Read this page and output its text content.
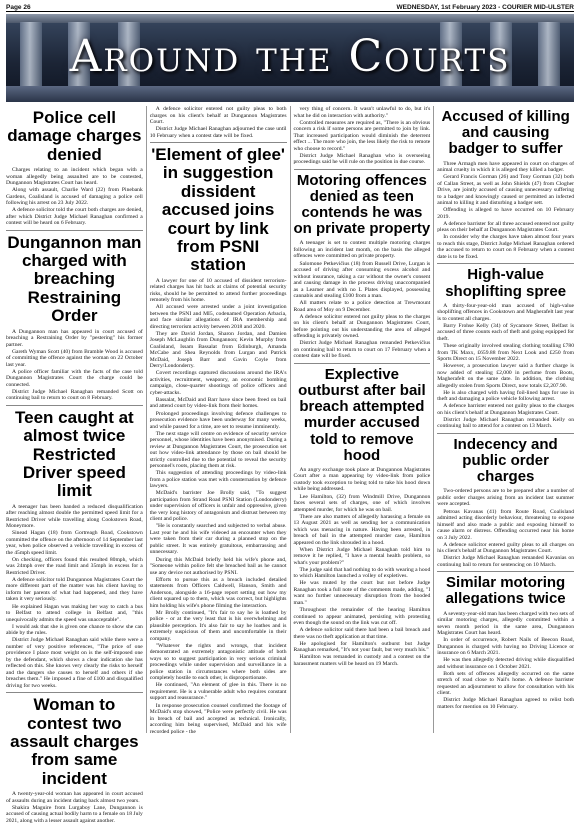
Page 26	WEDNESDAY, 1st February 2023 - COURIER MID-ULSTER
Around the Courts
Police cell damage charges denied

Charges relating to an incident which began with a woman allegedly being assaulted are to be contested, Dungannon Magistrates Court has heard.

Along with assault, Charlie Ward (22) from Pinebank Gardens, Coalisland is accused of damaging a police cell following his arrest on 23 July 2022.

A defence solicitor told the court both charges are denied, after which District Judge Michael Ranaghan confirmed a contest will be heard on 6 February.

Dungannon man charged with breaching Restraining Order

A Dungannon man has appeared in court accused of breaching a Restraining Order by "pestering" his former partner.

Gareth Wyman Scott (40) from Bramble Wood is accused of committing the offence against the woman on 22 October last year.

A police officer familiar with the facts of the case told Dungannon Magistrates Court the charge could be connected.

District Judge Michael Ranaghan remanded Scott on continuing bail to return to court on 8 February.

Teen caught at almost twice Restricted Driver speed limit

A teenager has been handed a reduced disqualification after reaching almost double the permitted speed limit for a Restricted Driver while travelling along Cookstown Road, Moneymore.

Sinead Hagan (18) from Gortreagh Road, Cookstown committed the offence on the afternoon of 14 September last year, when police observed a vehicle travelling in excess of the 45mph speed limit.

On checking, officers found this resulted 80mph, which was 24mph over the road limit and 35mph in excess for a Restricted Driver.

A defence solicitor told Dungannon Magistrates Court the more different part of the matter was his client having to inform her parents of what had happened, and they have taken it very seriously.

He explained Hagan was making her way to catch a bus to Belfast to attend college in Belfast and, "this unequivocally admits the speed was unacceptable".

I would ask that she is given one chance to show she can abide by the rules.

District Judge Michael Ranaghan said while there were a number of very positive references, "The price of one providence I place most weight on is the self-imposed one by the defendant, which shows a clear indication she has reflected on this. She knows very clearly the risks to herself and the dangers she causes to herself and others if she breaches them." He imposed a fine of £100 and disqualified driving for two weeks.

Woman to contest two assault charges from same incident

A twenty-year-old woman has appeared in court accused of assaults during an incident dating back almost two years.

Shakira Maguire from Lurgaboy Lane, Dungannon is accused of causing actual bodily harm to a female on 18 July 2021, along with a lesser assault against another.

A defence solicitor entered not guilty pleas to both charges on his client's behalf at Dungannon Magistrates Court.

District Judge Michael Ranaghan adjourned the case until 10 February when a contest date will be fixed.

'Element of glee' in suggestion dissident accused joins court by link from PSNI station

A lawyer for one of 10 accused of dissident terrorism-related charges has hit back at claims of potential security risks, should he be permitted to attend further proceedings remotely from his home.

All accused were arrested under a joint investigation between the PSNI and MI5, codenamed Operation Arbacia, and face similar allegations of IRA membership and directing terrorism activity between 2018 and 2020.

They are David Jordan, Sharon Jordan, and Damien Joseph McLaughlin from Dungannon; Kevin Murphy from Coalisland, Issam Bassalat from Edinburgh, Amanda McCabe and Shea Reynolds from Lurgan and Patrick McDaid, Joseph Barr and Gavin Coyle from Derry/Londonderry.

Covert recordings captured discussions around the IRA's activities, recruitment, weaponry, an economic bombing campaign, close-quarter shootings of police officers and cyber-attacks.

Bassalat, McDaid and Barr have since been freed on bail and attend court by video-link from their homes.

Prolonged proceedings involving defence challenges to prosecution evidence have been underway for many weeks, and while passed for a time, are set to resume imminently.

The next stage will centre on evidence of security service personnel, whose identities have been anonymised. During a review at Dungannon Magistrates Court, the prosecution set out how video-link attendance by those on bail should be strictly controlled due to the potential to reveal the security personnel's roots, placing them at risk.

This suggestion of attending proceedings by video-link from a police station was met with consternation by defence lawyers.

McDaid's barrister Joe Brolly said, "To suggest participation from Strand Road PSNI Station (Londonderry) under supervision of officers is unfair and oppressive, given the very long history of antagonism and distrust between my client and police.

"He is constantly searched and subjected to verbal abuse. Last year he and his wife videoed an encounter when they were taken from their car during a planned stop on the public street. It was entirely gratuitous, embarrassing and unnecessary.

During this McDaid briefly held his wife's phone and, "Someone within police felt she breached bail as he cannot use any device not authorised by PSNI.

Efforts to pursue this as a breach included detailed statements from Officers Caldwell, Hanson, Smith and Anderson, alongside a 16-page report setting out how my client squared up to them, which was correct, but highlights him holding his wife's phone filming the interaction.

Mr Brolly continued, "It's fair to say he is loathed by police - or at the very least that is his overwhelming and plausible perception. It's also fair to say he loathes and is extremely suspicious of them and uncomfortable in their company.

"Whatever the rights and wrongs, that incident demonstrated an extremely antagonistic attitude of both ways so to suggest participation in very serious criminal proceedings while under supervision and surveillance in a police station in circumstances where both sides are completely hostile to each other, is disproportionate.

He continued, "An element of glee in this. There is no requirement. He is a vulnerable adult who requires constant support and reassurance."

In response prosecution counsel confirmed the footage of McDaid's stop showed, "Police were perfectly civil. He was in breach of bail and accepted as technical. Ironically, according him being supervised, McDaid and his wife recorded police - the

very thing of concern. It wasn't unlawful to do, but it's what he did on interaction with authority."

Controlled measures are required as, "There is an obvious concern a risk if some persons are permitted to join by link. That increased participation would diminish the deterrent effect ... The more who join, the less likely the risk to remote who choose to record."

District Judge Michael Ranaghan who is overseeing proceedings said he will rule on the position in due course.

Motoring offences denied as teen contends he was on private property

A teenager is set to contest multiple motoring charges following an incident last month, on the basis the alleged offences were committed on private property.

Salomone Petkevičius (18) from Russell Drive, Lurgan is accused of driving after consuming excess alcohol and without insurance, taking a car without the owner's consent and causing damage in the process driving unaccompanied as a Learner and with no L Plates displayed, possessing cannabis and stealing £100 from a man.

All matters relate to a police detection at Trewmount Road area of Moy on 9 December.

A defence solicitor entered not guilty pleas to the charges on his client's behalf at Dungannon Magistrates Court, before pointing out his understanding the area of alleged offending is privately owned.

District Judge Michael Ranaghan remanded Petkevičius on continuing bail to return to court on 17 February when a contest date will be fixed.

Explective outburst after bail breach attempted murder accused told to remove hood

An angry exchange took place at Dungannon Magistrates Court after a man appearing by video-link from police custody took exception to being told to take his hood down while being addressed.

Lee Hamilton, (32) from Windmill Drive, Dungannon faces several sets of charges, one of which involves attempted murder, for which he was on bail.

There are also matters of allegedly harassing a female on 13 August 2021 as well as sending her a communication which was menacing in nature. Having been arrested, in breach of bail in the attempted murder case, Hamilton appeared on the link shrouded in a hood.

When District Judge Michael Ranaghan told him to remove it he replied, "I have a mental health problem, so what's your problem?"

The judge said that had nothing to do with wearing a hood to which Hamilton launched a volley of expletives.

He was muted by the court but not before Judge Ranaghan took a full note of the comments made, adding, "I want no further unnecessary disruption from the hooded man."

Throughout the remainder of the hearing Hamilton continued to appear animated, persisting with protesting even though the sound on the link was cut off.

A defence solicitor said there had been a bail breach and there was no theft application at that time.

He apologised for Hamilton's outburst but Judge Ranaghan remarked, "It's not your fault, but very much his."

Hamilton was remanded in custody and a contest on the harassment matters will be heard on 19 March.

Accused of killing and causing badger to suffer

Three Armagh men have appeared in court on charges of animal cruelty in which it is alleged they killed a badger.

Gerard Francis Gorman (26) and Tony Gorman (32) both of Callan Street, as well as John Shields (47) from Clogher Drive, are jointly accused of causing unnecessary suffering to a badger and knowingly caused or permitted an infected animal to killing it and disturbing a badger sett.

Offending is alleged to have occurred on 10 February 2019.

A defence barrister for all three accused entered not guilty pleas on their behalf at Dungannon Magistrates Court.

In consider why the charges have taken almost four years to reach this stage, District Judge Michael Ranaghan ordered the accused to return to court on 8 February when a contest date is to be fixed.

High-value shoplifting spree

A thirty-four-year-old man accused of high-value shoplifting offences in Cookstown and Magherafelt last year is to contest all charges.

Barry Frohse Kelly (34) of Sycamore Street, Belfast is accused of three counts each of theft and going equipped for theft.

These originally involved stealing clothing totalling £780 from TK Maxx, £659.88 from Next Look and £250 from Sports Direct on 15 November 2022.

However, a prosecution lawyer said a further charge is now added of stealing £2,000 in perfume from Boots, Magherafelt on the same date. In addition, the clothing allegedly stolen from Sports Direct, now totals £2,207.90.

He is also charged with having foil-lined bags for use in theft and damaging a police vehicle following arrest.

A defence barrister entered not guilty pleas to the charges on his client's behalf at Dungannon Magistrates Court.

District Judge Michael Ranaghan remanded Kelly on continuing bail to attend for a contest on 13 March.

Indecency and public order charges

Two-ordered persons are to be prepared after a number of public order charges arising from an incident last summer were accepted.

Petroas Kavanas (41) from Route Road, Coalisland admitted acting disorderly behaviour, threatening to expose himself and also made a public and exposing himself to cause alarm or distress. Offending occurred near his home on 3 July 2022.

A defence solicitor entered guilty pleas to all charges on his client's behalf at Dungannon Magistrates Court.

District Judge Michael Ranaghan remanded Kavanias on continuing bail to return for sentencing on 10 March.

Similar motoring allegations twice

A seventy-year-old man has been charged with two sets of similar motoring charges, allegedly committed within a seven month period in the same area, Dungannon Magistrates Court has heard.

In order of occurrence, Robert Nails of Beecon Road, Dungannon is charged with having no Driving Licence or insurance on 6 March 2021.

He was then allegedly detected driving while disqualified and without insurance on 1 October 2021.

Both sets of offences allegedly occurred on the same stretch of road close to Nail's home. A defence barrister requested an adjournment to allow for consultation with his client.

District Judge Michael Ranaghan agreed to relist both matters for mention on 10 February.
